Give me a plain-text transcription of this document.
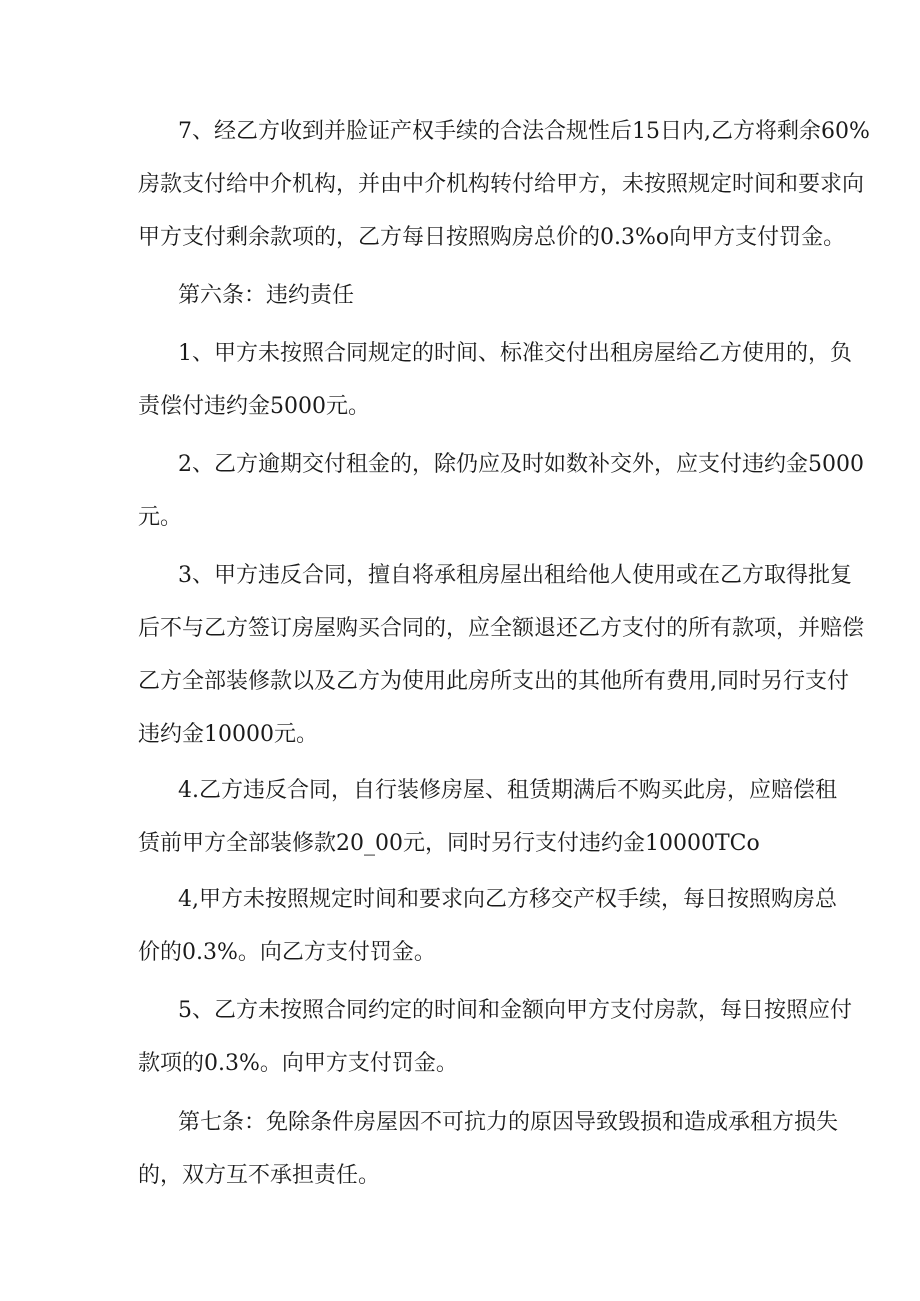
7、经乙方收到并脸证产权手续的合法合规性后15日内,乙方将剩余60%
房款支付给中介机构，并由中介机构转付给甲方，未按照规定时间和要求向
甲方支付剩余款项的，乙方每日按照购房总价的0.3%o向甲方支付罚金。
第六条：违约责任
1、甲方未按照合同规定的时间、标准交付出租房屋给乙方使用的，负
责偿付违约金5000元。
2、乙方逾期交付租金的，除仍应及时如数补交外，应支付违约金5000
元。
3、甲方违反合同，擅自将承租房屋出租给他人使用或在乙方取得批复
后不与乙方签订房屋购买合同的，应全额退还乙方支付的所有款项，并赔偿
乙方全部装修款以及乙方为使用此房所支出的其他所有费用,同时另行支付
违约金10000元。
4.乙方违反合同，自行装修房屋、租赁期满后不购买此房，应赔偿租
赁前甲方全部装修款20_00元，同时另行支付违约金10000TCo
4,甲方未按照规定时间和要求向乙方移交产权手续，每日按照购房总
价的0.3%。向乙方支付罚金。
5、乙方未按照合同约定的时间和金额向甲方支付房款，每日按照应付
款项的0.3%。向甲方支付罚金。
第七条：免除条件房屋因不可抗力的原因导致毁损和造成承租方损失
的，双方互不承担责任。
